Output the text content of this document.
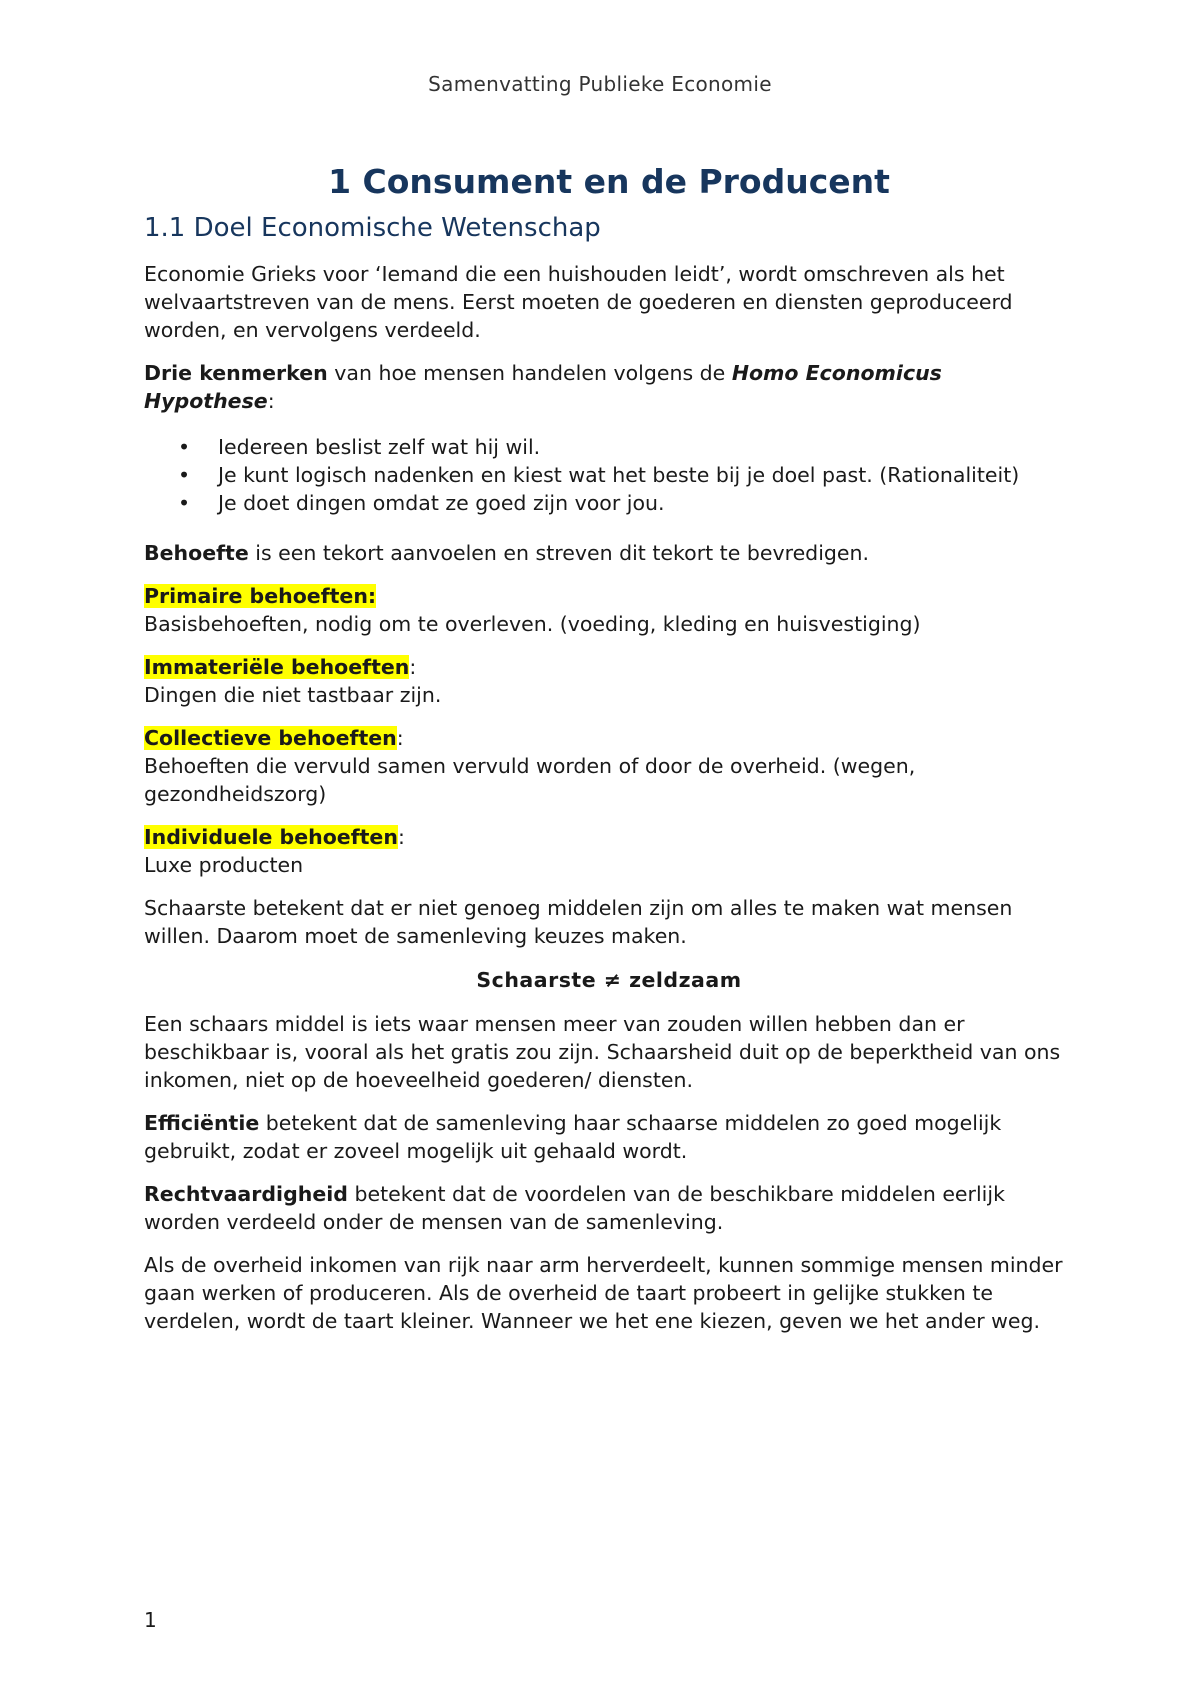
Samenvatting Publieke Economie
1 Consument en de Producent
1.1 Doel Economische Wetenschap

Economie Grieks voor ‘Iemand die een huishouden leidt’, wordt omschreven als het welvaartstreven van de mens. Eerst moeten de goederen en diensten geproduceerd worden, en vervolgens verdeeld.

Drie kenmerken van hoe mensen handelen volgens de Homo Economicus Hypothese:

• Iedereen beslist zelf wat hij wil.
• Je kunt logisch nadenken en kiest wat het beste bij je doel past. (Rationaliteit)
• Je doet dingen omdat ze goed zijn voor jou.

Behoefte is een tekort aanvoelen en streven dit tekort te bevredigen.

Primaire behoeften:
Basisbehoeften, nodig om te overleven. (voeding, kleding en huisvestiging)

Immateriële behoeften:
Dingen die niet tastbaar zijn.

Collectieve behoeften:
Behoeften die vervuld samen vervuld worden of door de overheid. (wegen, gezondheidszorg)

Individuele behoeften:
Luxe producten

Schaarste betekent dat er niet genoeg middelen zijn om alles te maken wat mensen willen. Daarom moet de samenleving keuzes maken.

Schaarste ≠ zeldzaam

Een schaars middel is iets waar mensen meer van zouden willen hebben dan er beschikbaar is, vooral als het gratis zou zijn. Schaarsheid duit op de beperktheid van ons inkomen, niet op de hoeveelheid goederen/ diensten.

Efficiëntie betekent dat de samenleving haar schaarse middelen zo goed mogelijk gebruikt, zodat er zoveel mogelijk uit gehaald wordt.

Rechtvaardigheid betekent dat de voordelen van de beschikbare middelen eerlijk worden verdeeld onder de mensen van de samenleving.

Als de overheid inkomen van rijk naar arm herverdeelt, kunnen sommige mensen minder gaan werken of produceren. Als de overheid de taart probeert in gelijke stukken te verdelen, wordt de taart kleiner. Wanneer we het ene kiezen, geven we het ander weg.

1
